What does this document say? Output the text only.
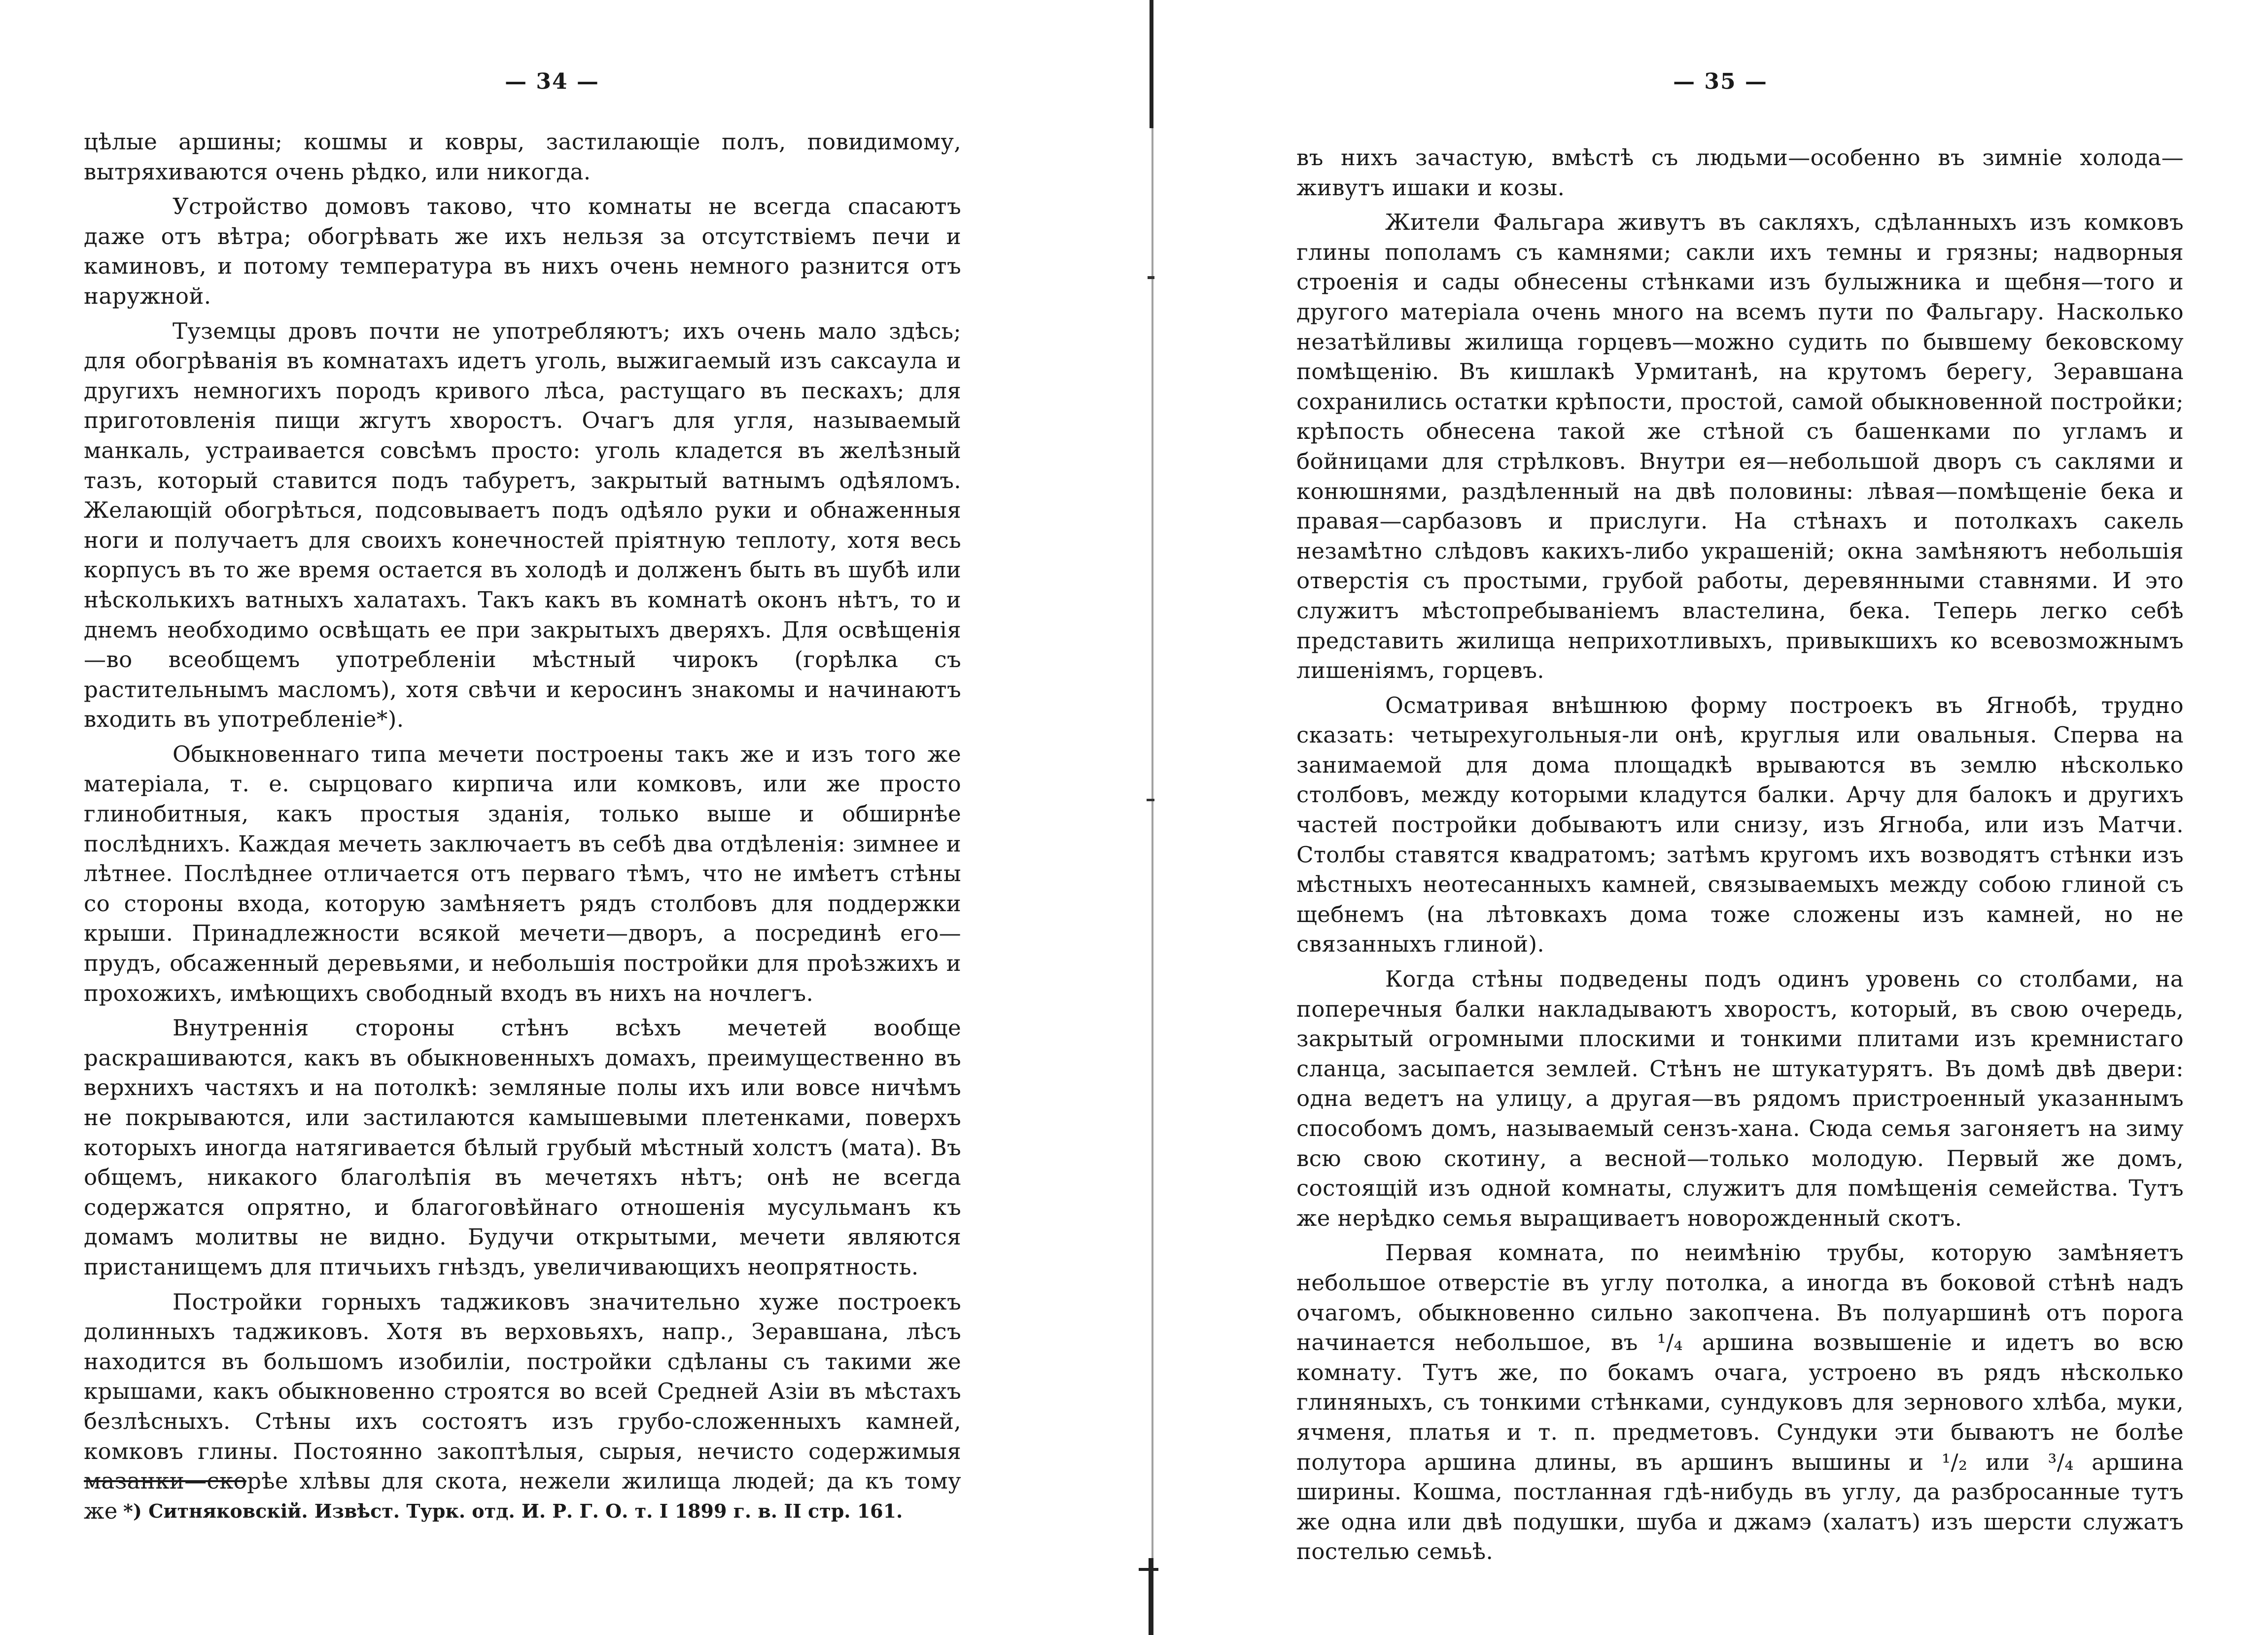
— 34 —

цѣлые аршины; кошмы и ковры, застилающіе полъ, повидимому, вытряхиваются очень рѣдко, или никогда.

Устройство домовъ таково, что комнаты не всегда спасаютъ даже отъ вѣтра; обогрѣвать же ихъ нельзя за отсутствіемъ печи и каминовъ, и потому температура въ нихъ очень немного разнится отъ наружной.

Туземцы дровъ почти не употребляютъ; ихъ очень мало здѣсь; для обогрѣванія въ комнатахъ идетъ уголь, выжигаемый изъ саксаула и другихъ немногихъ породъ кривого лѣса, растущаго въ пескахъ; для приготовленія пищи жгутъ хворостъ. Очагъ для угля, называемый манкаль, устраивается совсѣмъ просто: уголь кладется въ желѣзный тазъ, который ставится подъ табуретъ, закрытый ватнымъ одѣяломъ. Желающій обогрѣться, подсовываетъ подъ одѣяло руки и обнаженныя ноги и получаетъ для своихъ конечностей пріятную теплоту, хотя весь корпусъ въ то же время остается въ холодѣ и долженъ быть въ шубѣ или нѣсколькихъ ватныхъ халатахъ. Такъ какъ въ комнатѣ оконъ нѣтъ, то и днемъ необходимо освѣщать ее при закрытыхъ дверяхъ. Для освѣщенія—во всеобщемъ употребленіи мѣстный чирокъ (горѣлка съ растительнымъ масломъ), хотя свѣчи и керосинъ знакомы и начинаютъ входить въ употребленіе*).

Обыкновеннаго типа мечети построены такъ же и изъ того же матеріала, т. е. сырцоваго кирпича или комковъ, или же просто глинобитныя, какъ простыя зданія, только выше и обширнѣе послѣднихъ. Каждая мечеть заключаетъ въ себѣ два отдѣленія: зимнее и лѣтнее. Послѣднее отличается отъ перваго тѣмъ, что не имѣетъ стѣны со стороны входа, которую замѣняетъ рядъ столбовъ для поддержки крыши. Принадлежности всякой мечети—дворъ, а посрединѣ его—прудъ, обсаженный деревьями, и небольшія постройки для проѣзжихъ и прохожихъ, имѣющихъ свободный входъ въ нихъ на ночлегъ.

Внутреннія стороны стѣнъ всѣхъ мечетей вообще раскрашиваются, какъ въ обыкновенныхъ домахъ, преимущественно въ верхнихъ частяхъ и на потолкѣ: земляные полы ихъ или вовсе ничѣмъ не покрываются, или застилаются камышевыми плетенками, поверхъ которыхъ иногда натягивается бѣлый грубый мѣстный холстъ (мата). Въ общемъ, никакого благолѣпія въ мечетяхъ нѣтъ; онѣ не всегда содержатся опрятно, и благоговѣйнаго отношенія мусульманъ къ домамъ молитвы не видно. Будучи открытыми, мечети являются пристанищемъ для птичьихъ гнѣздъ, увеличивающихъ неопрятность.

Постройки горныхъ таджиковъ значительно хуже построекъ долинныхъ таджиковъ. Хотя въ верховьяхъ, напр., Зеравшана, лѣсъ находится въ большомъ изобиліи, постройки сдѣланы съ такими же крышами, какъ обыкновенно строятся во всей Средней Азіи въ мѣстахъ безлѣсныхъ. Стѣны ихъ состоятъ изъ грубо-сложенныхъ камней, комковъ глины. Постоянно закоптѣлыя, сырыя, нечисто содержимыя мазанки—скорѣе хлѣвы для скота, нежели жилища людей; да къ тому же *) Ситняковскій. Извѣст. Турк. отд. И. Р. Г. О. т. I 1899 г. в. II стр. 161.
— 35 —

въ нихъ зачастую, вмѣстѣ съ людьми—особенно въ зимніе холода—живутъ ишаки и козы.

Жители Фальгара живутъ въ сакляхъ, сдѣланныхъ изъ комковъ глины пополамъ съ камнями; сакли ихъ темны и грязны; надворныя строенія и сады обнесены стѣнками изъ булыжника и щебня—того и другого матеріала очень много на всемъ пути по Фальгару. Насколько незатѣйливы жилища горцевъ—можно судить по бывшему бековскому помѣщенію. Въ кишлакѣ Урмитанѣ, на крутомъ берегу, Зеравшана сохранились остатки крѣпости, простой, самой обыкновенной постройки; крѣпость обнесена такой же стѣной съ башенками по угламъ и бойницами для стрѣлковъ. Внутри ея—небольшой дворъ съ саклями и конюшнями, раздѣленный на двѣ половины: лѣвая—помѣщеніе бека и правая—сарбазовъ и прислуги. На стѣнахъ и потолкахъ сакель незамѣтно слѣдовъ какихъ-либо украшеній; окна замѣняютъ небольшія отверстія съ простыми, грубой работы, деревянными ставнями. И это служитъ мѣстопребываніемъ властелина, бека. Теперь легко себѣ представить жилища неприхотливыхъ, привыкшихъ ко всевозможнымъ лишеніямъ, горцевъ.

Осматривая внѣшнюю форму построекъ въ Ягнобѣ, трудно сказать: четырехугольныя-ли онѣ, круглыя или овальныя. Сперва на занимаемой для дома площадкѣ врываются въ землю нѣсколько столбовъ, между которыми кладутся балки. Арчу для балокъ и другихъ частей постройки добываютъ или снизу, изъ Ягноба, или изъ Матчи. Столбы ставятся квадратомъ; затѣмъ кругомъ ихъ возводятъ стѣнки изъ мѣстныхъ неотесанныхъ камней, связываемыхъ между собою глиной съ щебнемъ (на лѣтовкахъ дома тоже сложены изъ камней, но не связанныхъ глиной).

Когда стѣны подведены подъ одинъ уровень со столбами, на поперечныя балки накладываютъ хворостъ, который, въ свою очередь, закрытый огромными плоскими и тонкими плитами изъ кремнистаго сланца, засыпается землей. Стѣнъ не штукатурятъ. Въ домѣ двѣ двери: одна ведетъ на улицу, а другая—въ рядомъ пристроенный указаннымъ способомъ домъ, называемый сензъ-хана. Сюда семья загоняетъ на зиму всю свою скотину, а весной—только молодую. Первый же домъ, состоящій изъ одной комнаты, служитъ для помѣщенія семейства. Тутъ же нерѣдко семья выращиваетъ новорожденный скотъ.

Первая комната, по неимѣнію трубы, которую замѣняетъ небольшое отверстіе въ углу потолка, а иногда въ боковой стѣнѣ надъ очагомъ, обыкновенно сильно закопчена. Въ полуаршинѣ отъ порога начинается небольшое, въ ¹/₄ аршина возвышеніе и идетъ во всю комнату. Тутъ же, по бокамъ очага, устроено въ рядъ нѣсколько глиняныхъ, съ тонкими стѣнками, сундуковъ для зернового хлѣба, муки, ячменя, платья и т. п. предметовъ. Сундуки эти бываютъ не болѣе полутора аршина длины, въ аршинъ вышины и ¹/₂ или ³/₄ аршина ширины. Кошма, постланная гдѣ-нибудь въ углу, да разбросанные тутъ же одна или двѣ подушки, шуба и джамэ (халатъ) изъ шерсти служатъ постелью семьѣ.
